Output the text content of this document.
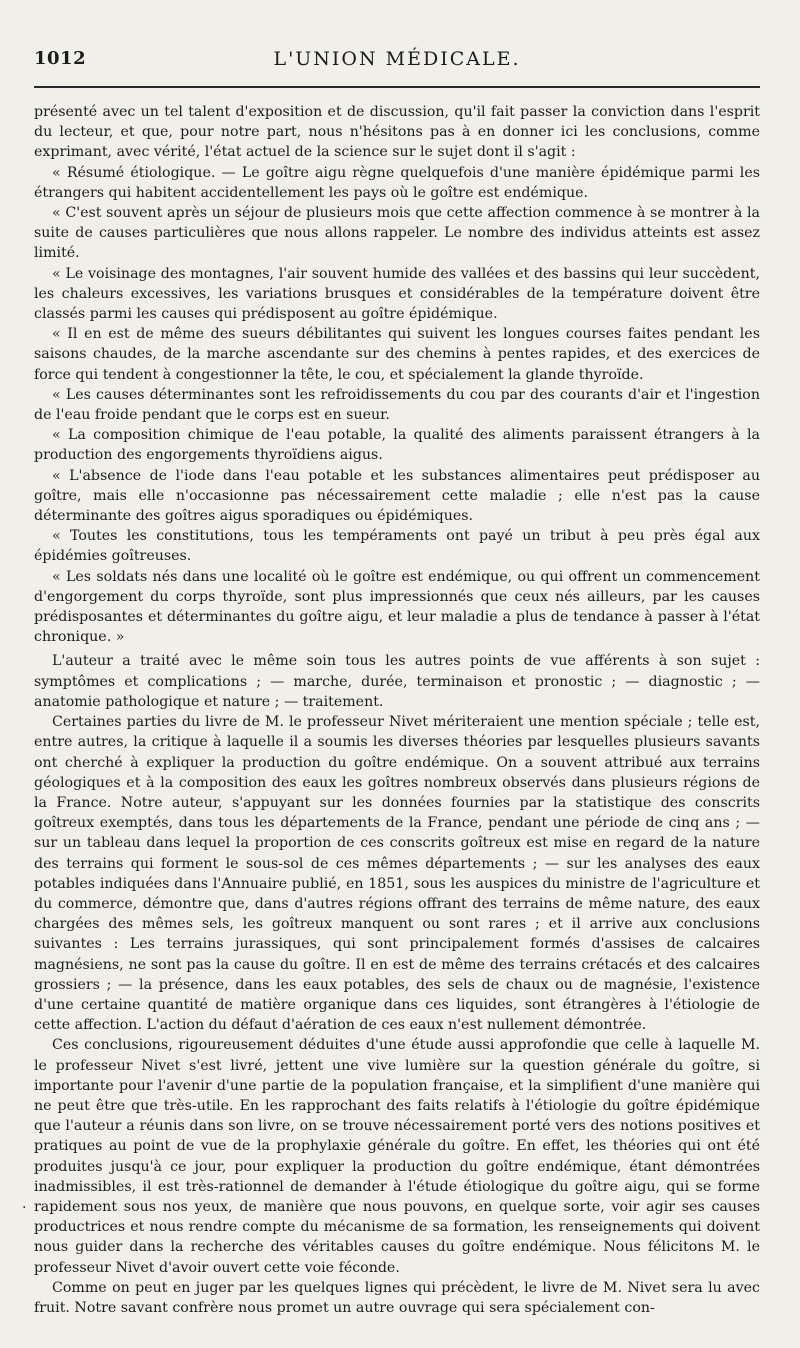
1012	L'UNION MÉDICALE.

présenté avec un tel talent d'exposition et de discussion, qu'il fait passer la conviction dans l'esprit du lecteur, et que, pour notre part, nous n'hésitons pas à en donner ici les conclusions, comme exprimant, avec vérité, l'état actuel de la science sur le sujet dont il s'agit :

« Résumé étiologique. — Le goître aigu règne quelquefois d'une manière épidémique parmi les étrangers qui habitent accidentellement les pays où le goître est endémique.

« C'est souvent après un séjour de plusieurs mois que cette affection commence à se montrer à la suite de causes particulières que nous allons rappeler. Le nombre des individus atteints est assez limité.

« Le voisinage des montagnes, l'air souvent humide des vallées et des bassins qui leur succèdent, les chaleurs excessives, les variations brusques et considérables de la température doivent être classés parmi les causes qui prédisposent au goître épidémique.

« Il en est de même des sueurs débilitantes qui suivent les longues courses faites pendant les saisons chaudes, de la marche ascendante sur des chemins à pentes rapides, et des exercices de force qui tendent à congestionner la tête, le cou, et spécialement la glande thyroïde.

« Les causes déterminantes sont les refroidissements du cou par des courants d'air et l'ingestion de l'eau froide pendant que le corps est en sueur.

« La composition chimique de l'eau potable, la qualité des aliments paraissent étrangers à la production des engorgements thyroïdiens aigus.

« L'absence de l'iode dans l'eau potable et les substances alimentaires peut prédisposer au goître, mais elle n'occasionne pas nécessairement cette maladie ; elle n'est pas la cause déterminante des goîtres aigus sporadiques ou épidémiques.

« Toutes les constitutions, tous les tempéraments ont payé un tribut à peu près égal aux épidémies goîtreuses.

« Les soldats nés dans une localité où le goître est endémique, ou qui offrent un commencement d'engorgement du corps thyroïde, sont plus impressionnés que ceux nés ailleurs, par les causes prédisposantes et déterminantes du goître aigu, et leur maladie a plus de tendance à passer à l'état chronique. »

L'auteur a traité avec le même soin tous les autres points de vue afférents à son sujet : symptômes et complications ; — marche, durée, terminaison et pronostic ; — diagnostic ; — anatomie pathologique et nature ; — traitement.

Certaines parties du livre de M. le professeur Nivet mériteraient une mention spéciale ; telle est, entre autres, la critique à laquelle il a soumis les diverses théories par lesquelles plusieurs savants ont cherché à expliquer la production du goître endémique. On a souvent attribué aux terrains géologiques et à la composition des eaux les goîtres nombreux observés dans plusieurs régions de la France. Notre auteur, s'appuyant sur les données fournies par la statistique des conscrits goîtreux exemptés, dans tous les départements de la France, pendant une période de cinq ans ; — sur un tableau dans lequel la proportion de ces conscrits goîtreux est mise en regard de la nature des terrains qui forment le sous-sol de ces mêmes départements ; — sur les analyses des eaux potables indiquées dans l'Annuaire publié, en 1851, sous les auspices du ministre de l'agriculture et du commerce, démontre que, dans d'autres régions offrant des terrains de même nature, des eaux chargées des mêmes sels, les goîtreux manquent ou sont rares ; et il arrive aux conclusions suivantes : Les terrains jurassiques, qui sont principalement formés d'assises de calcaires magnésiens, ne sont pas la cause du goître. Il en est de même des terrains crétacés et des calcaires grossiers ; — la présence, dans les eaux potables, des sels de chaux ou de magnésie, l'existence d'une certaine quantité de matière organique dans ces liquides, sont étrangères à l'étiologie de cette affection. L'action du défaut d'aération de ces eaux n'est nullement démontrée.

Ces conclusions, rigoureusement déduites d'une étude aussi approfondie que celle à laquelle M. le professeur Nivet s'est livré, jettent une vive lumière sur la question générale du goître, si importante pour l'avenir d'une partie de la population française, et la simplifient d'une manière qui ne peut être que très-utile. En les rapprochant des faits relatifs à l'étiologie du goître épidémique que l'auteur a réunis dans son livre, on se trouve nécessairement porté vers des notions positives et pratiques au point de vue de la prophylaxie générale du goître. En effet, les théories qui ont été produites jusqu'à ce jour, pour expliquer la production du goître endémique, étant démontrées inadmissibles, il est très-rationnel de demander à l'étude étiologique du goître aigu, qui se forme rapidement sous nos yeux, de manière que nous pouvons, en quelque sorte, voir agir ses causes productrices et nous rendre compte du mécanisme de sa formation, les renseignements qui doivent nous guider dans la recherche des véritables causes du goître endémique. Nous félicitons M. le professeur Nivet d'avoir ouvert cette voie féconde.

Comme on peut en juger par les quelques lignes qui précèdent, le livre de M. Nivet sera lu avec fruit. Notre savant confrère nous promet un autre ouvrage qui sera spécialement con-

.
